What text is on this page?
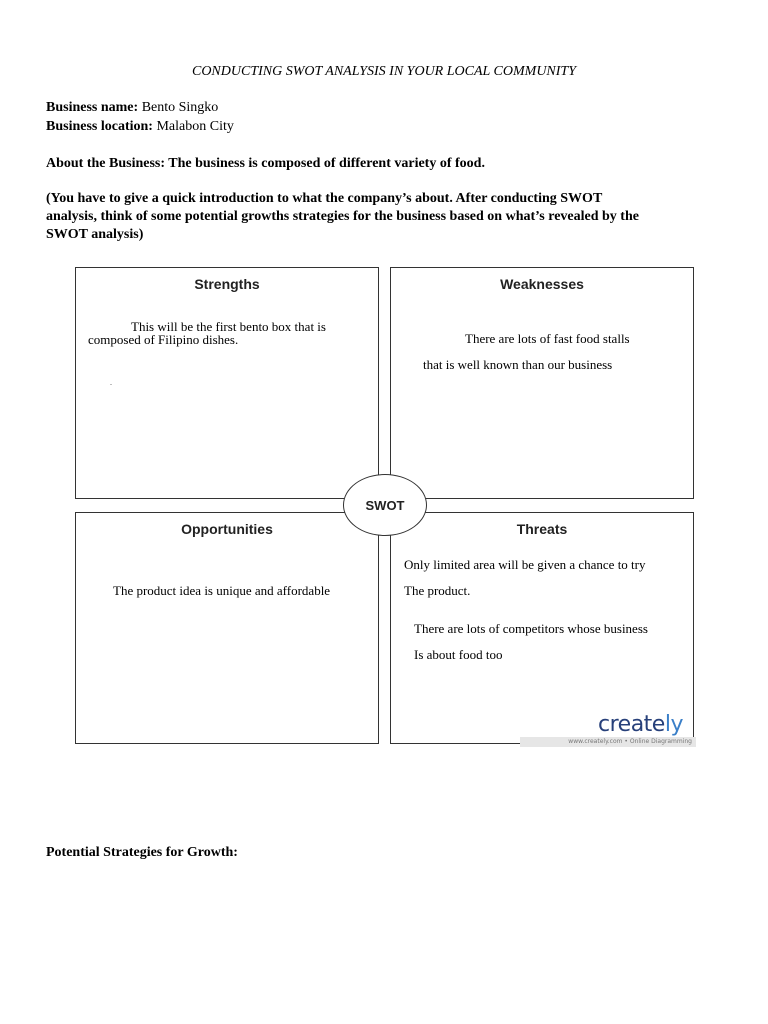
CONDUCTING SWOT ANALYSIS IN YOUR LOCAL COMMUNITY
Business name: Bento Singko
Business location: Malabon City
About the Business: The business is composed of different variety of food.
(You have to give a quick introduction to what the company’s about. After conducting SWOT
analysis, think of some potential growths strategies for the business based on what’s revealed by the
SWOT analysis)
Strengths
This will be the first bento box that is
composed of Filipino dishes.
.
Weaknesses
There are lots of fast food stalls
that is well known than our business
Opportunities
The product idea is unique and affordable
Threats
Only limited area will be given a chance to try
The product.
There are lots of competitors whose business
Is about food too
SWOT
creately
www.creately.com • Online Diagramming
Potential Strategies for Growth:
